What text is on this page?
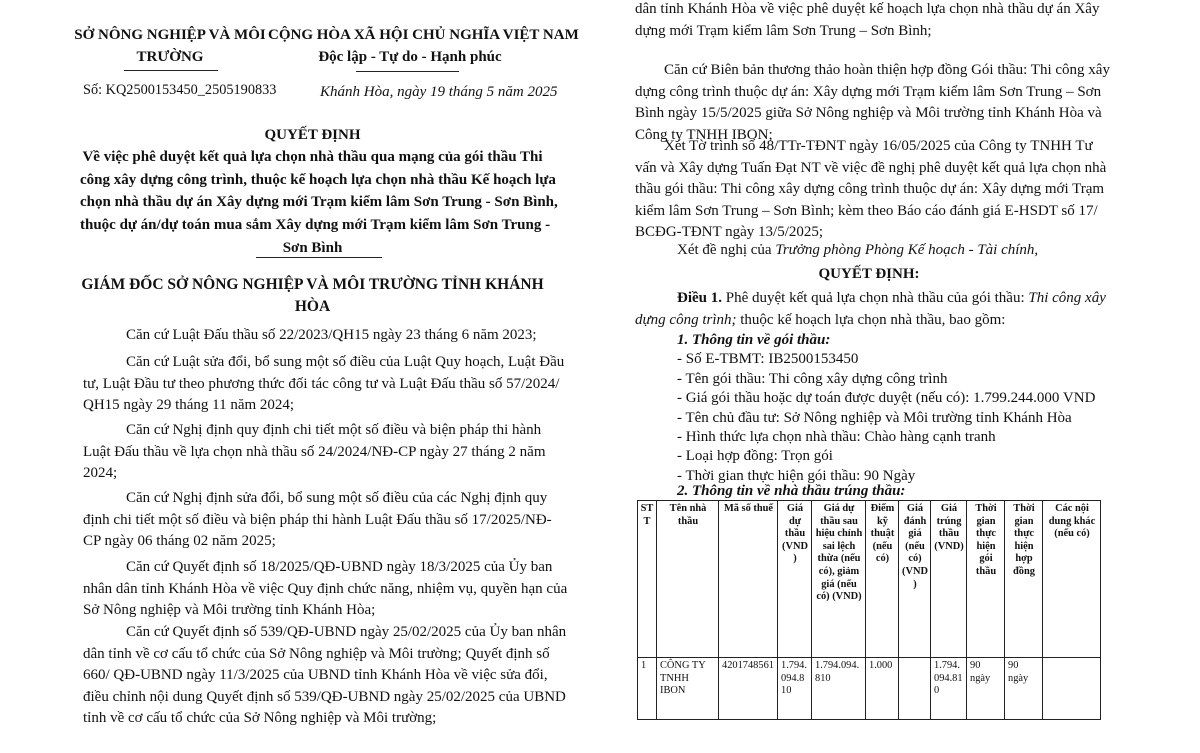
SỞ NÔNG NGHIỆP VÀ MÔI
TRƯỜNG
CỘNG HÒA XÃ HỘI CHỦ NGHĨA VIỆT NAM
Độc lập - Tự do - Hạnh phúc
Số: KQ2500153450_2505190833	Khánh Hòa, ngày 19 tháng 5 năm 2025
QUYẾT ĐỊNH
Về việc phê duyệt kết quả lựa chọn nhà thầu qua mạng của gói thầu Thi
công xây dựng công trình, thuộc kế hoạch lựa chọn nhà thầu Kế hoạch lựa
chọn nhà thầu dự án Xây dựng mới Trạm kiểm lâm Sơn Trung - Sơn Bình,
thuộc dự án/dự toán mua sắm Xây dựng mới Trạm kiểm lâm Sơn Trung -
Sơn Bình
GIÁM ĐỐC SỞ NÔNG NGHIỆP VÀ MÔI TRƯỜNG TỈNH KHÁNH
HÒA
Căn cứ Luật Đấu thầu số 22/2023/QH15 ngày 23 tháng 6 năm 2023;
Căn cứ Luật sửa đổi, bổ sung một số điều của Luật Quy hoạch, Luật Đầu
tư, Luật Đầu tư theo phương thức đối tác công tư và Luật Đấu thầu số 57/2024/
QH15 ngày 29 tháng 11 năm 2024;
Căn cứ Nghị định quy định chi tiết một số điều và biện pháp thi hành
Luật Đấu thầu về lựa chọn nhà thầu số 24/2024/NĐ-CP ngày 27 tháng 2 năm
2024;
Căn cứ Nghị định sửa đổi, bổ sung một số điều của các Nghị định quy
định chi tiết một số điều và biện pháp thi hành Luật Đấu thầu số 17/2025/NĐ-
CP ngày 06 tháng 02 năm 2025;
Căn cứ Quyết định số 18/2025/QĐ-UBND ngày 18/3/2025 của Ủy ban
nhân dân tỉnh Khánh Hòa về việc Quy định chức năng, nhiệm vụ, quyền hạn của
Sở Nông nghiệp và Môi trường tỉnh Khánh Hòa;
Căn cứ Quyết định số 539/QĐ-UBND ngày 25/02/2025 của Ủy ban nhân
dân tỉnh về cơ cấu tổ chức của Sở Nông nghiệp và Môi trường; Quyết định số
660/ QĐ-UBND ngày 11/3/2025 của UBND tỉnh Khánh Hòa về việc sửa đổi,
điều chỉnh nội dung Quyết định số 539/QĐ-UBND ngày 25/02/2025 của UBND
tỉnh về cơ cấu tổ chức của Sở Nông nghiệp và Môi trường;
dân tỉnh Khánh Hòa về việc phê duyệt kế hoạch lựa chọn nhà thầu dự án Xây
dựng mới Trạm kiểm lâm Sơn Trung – Sơn Bình;
Căn cứ Biên bản thương thảo hoàn thiện hợp đồng Gói thầu: Thi công xây
dựng công trình thuộc dự án: Xây dựng mới Trạm kiểm lâm Sơn Trung – Sơn
Bình ngày 15/5/2025 giữa Sở Nông nghiệp và Môi trường tỉnh Khánh Hòa và
Công ty TNHH IBON;
Xét Tờ trình số 48/TTr-TĐNT ngày 16/05/2025 của Công ty TNHH Tư
vấn và Xây dựng Tuấn Đạt NT về việc đề nghị phê duyệt kết quả lựa chọn nhà
thầu gói thầu: Thi công xây dựng công trình thuộc dự án: Xây dựng mới Trạm
kiểm lâm Sơn Trung – Sơn Bình; kèm theo Báo cáo đánh giá E-HSDT số 17/
BCĐG-TĐNT ngày 13/5/2025;
Xét đề nghị của Trưởng phòng Phòng Kế hoạch - Tài chính,
QUYẾT ĐỊNH:
Điều 1. Phê duyệt kết quả lựa chọn nhà thầu của gói thầu: Thi công xây
dựng công trình; thuộc kế hoạch lựa chọn nhà thầu, bao gồm:
1. Thông tin về gói thầu:
- Số E-TBMT: IB2500153450
- Tên gói thầu: Thi công xây dựng công trình
- Giá gói thầu hoặc dự toán được duyệt (nếu có): 1.799.244.000 VND
- Tên chủ đầu tư: Sở Nông nghiệp và Môi trường tỉnh Khánh Hòa
- Hình thức lựa chọn nhà thầu: Chào hàng cạnh tranh
- Loại hợp đồng: Trọn gói
- Thời gian thực hiện gói thầu: 90 Ngày
2. Thông tin về nhà thầu trúng thầu:
STT	Tên nhà thầu	Mã số thuế	Giá dự thầu (VND)	Giá dự thầu sau hiệu chỉnh sai lệch thừa (nếu có), giảm giá (nếu có) (VND)	Điểm kỹ thuật (nếu có)	Giá đánh giá (nếu có) (VND)	Giá trúng thầu (VND)	Thời gian thực hiện gói thầu	Thời gian thực hiện hợp đồng	Các nội dung khác (nếu có)
1	CÔNG TY TNHH IBON	4201748561	1.794.094.810	1.794.094.810	1.000		1.794.094.810	90 ngày	90 ngày	
